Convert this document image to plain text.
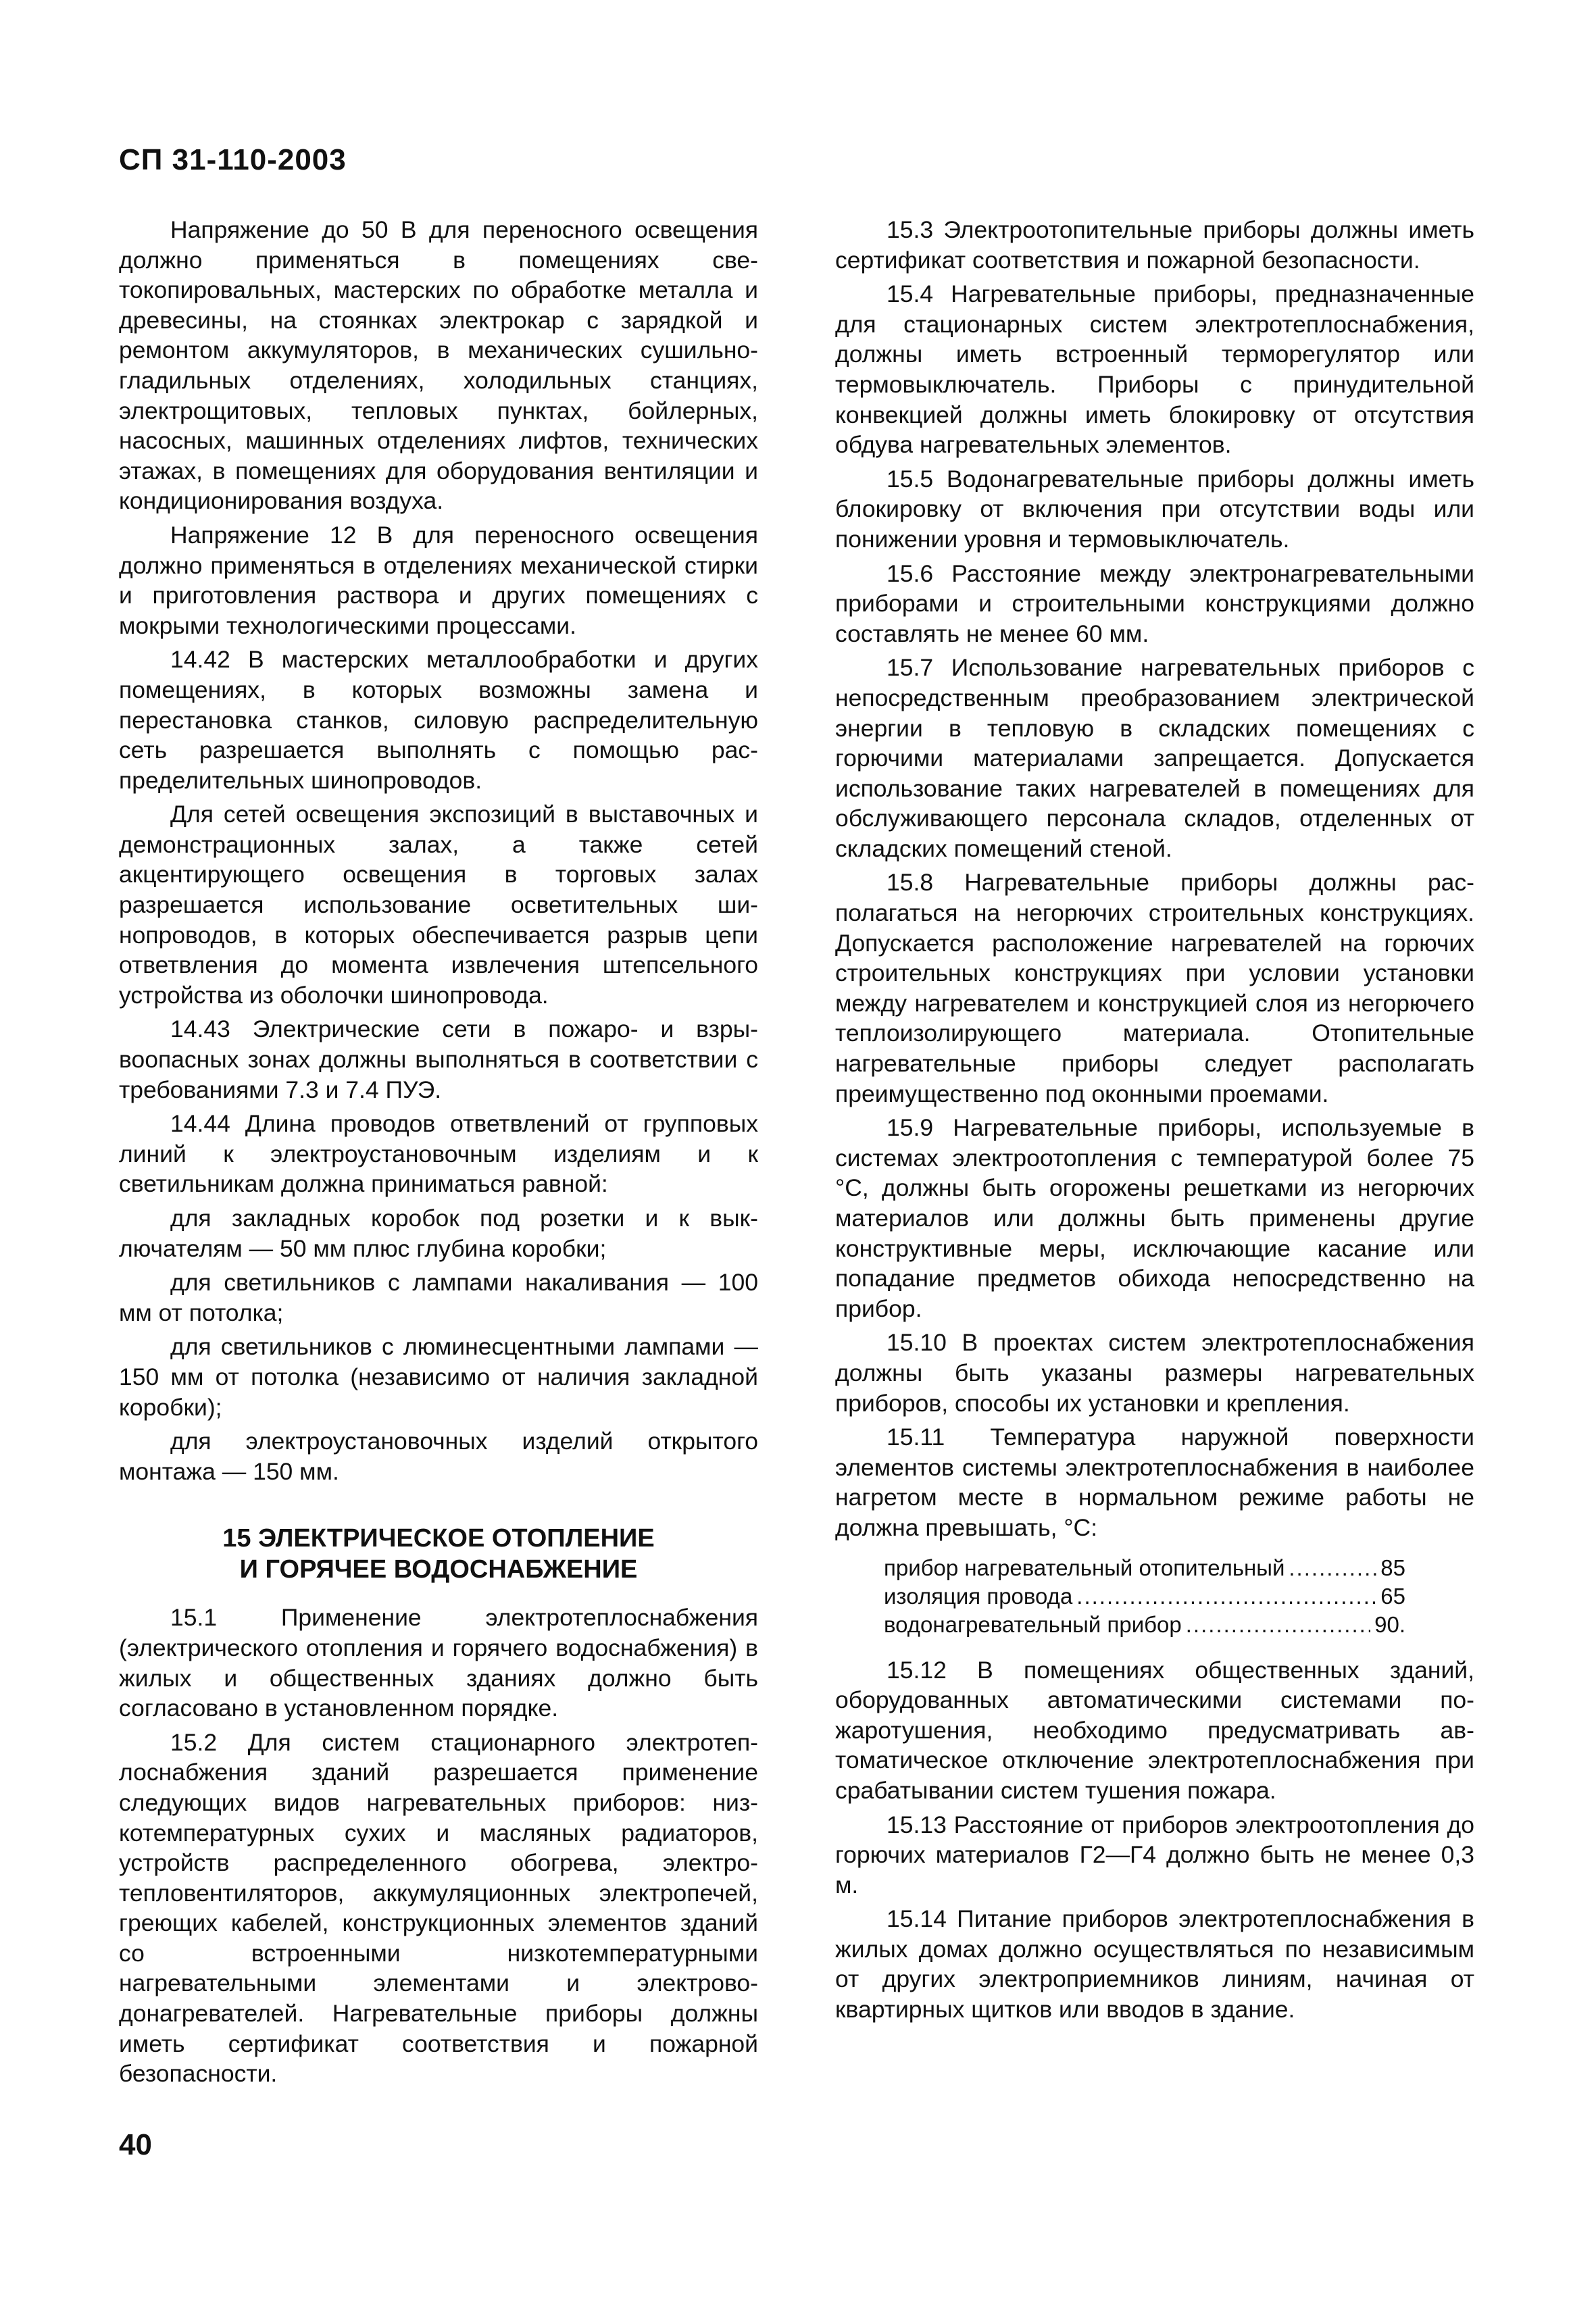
СП 31-110-2003

Напряжение до 50 В для переносного освещения должно применяться в помещениях светокопировальных, мастерских по обработке металла и древесины, на стоянках электрокар с зарядкой и ремонтом аккумуляторов, в механических сушильно-гладильных отделениях, холодильных станциях, электрощитовых, тепловых пунктах, бойлерных, насосных, машинных отделениях лифтов, технических этажах, в помещениях для оборудования вентиляции и кондиционирования воздуха.

Напряжение 12 В для переносного освещения должно применяться в отделениях механической стирки и приготовления раствора и других помещениях с мокрыми технологическими процессами.

14.42 В мастерских металлообработки и других помещениях, в которых возможны замена и перестановка станков, силовую распределительную сеть разрешается выполнять с помощью распределительных шинопроводов.

Для сетей освещения экспозиций в выставочных и демонстрационных залах, а также сетей акцентирующего освещения в торговых залах разрешается использование осветительных шинопроводов, в которых обеспечивается разрыв цепи ответвления до момента извлечения штепсельного устройства из оболочки шинопровода.

14.43 Электрические сети в пожаро- и взрывоопасных зонах должны выполняться в соответствии с требованиями 7.3 и 7.4 ПУЭ.

14.44 Длина проводов ответвлений от групповых линий к электроустановочным изделиям и к светильникам должна приниматься равной:

для закладных коробок под розетки и к выключателям — 50 мм плюс глубина коробки;

для светильников с лампами накаливания — 100 мм от потолка;

для светильников с люминесцентными лампами — 150 мм от потолка (независимо от наличия закладной коробки);

для электроустановочных изделий открытого монтажа — 150 мм.

15 ЭЛЕКТРИЧЕСКОЕ ОТОПЛЕНИЕ
И ГОРЯЧЕЕ ВОДОСНАБЖЕНИЕ

15.1 Применение электротеплоснабжения (электрического отопления и горячего водоснабжения) в жилых и общественных зданиях должно быть согласовано в установленном порядке.

15.2 Для систем стационарного электротеплоснабжения зданий разрешается применение следующих видов нагревательных приборов: низкотемпературных сухих и масляных радиаторов, устройств распределенного обогрева, электротепловентиляторов, аккумуляционных электропечей, греющих кабелей, конструкционных элементов зданий со встроенными низкотемпературными нагревательными элементами и электроводонагревателей. Нагревательные приборы должны иметь сертификат соответствия и пожарной безопасности.

15.3 Электроотопительные приборы должны иметь сертификат соответствия и пожарной безопасности.

15.4 Нагревательные приборы, предназначенные для стационарных систем электротеплоснабжения, должны иметь встроенный терморегулятор или термовыключатель. Приборы с принудительной конвекцией должны иметь блокировку от отсутствия обдува нагревательных элементов.

15.5 Водонагревательные приборы должны иметь блокировку от включения при отсутствии воды или понижении уровня и термовыключатель.

15.6 Расстояние между электронагревательными приборами и строительными конструкциями должно составлять не менее 60 мм.

15.7 Использование нагревательных приборов с непосредственным преобразованием электрической энергии в тепловую в складских помещениях с горючими материалами запрещается. Допускается использование таких нагревателей в помещениях для обслуживающего персонала складов, отделенных от складских помещений стеной.

15.8 Нагревательные приборы должны располагаться на негорючих строительных конструкциях. Допускается расположение нагревателей на горючих строительных конструкциях при условии установки между нагревателем и конструкцией слоя из негорючего теплоизолирующего материала. Отопительные нагревательные приборы следует располагать преимущественно под оконными проемами.

15.9 Нагревательные приборы, используемые в системах электроотопления с температурой более 75 °С, должны быть огорожены решетками из негорючих материалов или должны быть применены другие конструктивные меры, исключающие касание или попадание предметов обихода непосредственно на прибор.

15.10 В проектах систем электротеплоснабжения должны быть указаны размеры нагревательных приборов, способы их установки и крепления.

15.11 Температура наружной поверхности элементов системы электротеплоснабжения в наиболее нагретом месте в нормальном режиме работы не должна превышать, °С:

прибор нагревательный отопительный .....	85
изоляция провода .....	65
водонагревательный прибор .....	90.

15.12 В помещениях общественных зданий, оборудованных автоматическими системами пожаротушения, необходимо предусматривать автоматическое отключение электротеплоснабжения при срабатывании систем тушения пожара.

15.13 Расстояние от приборов электроотопления до горючих материалов Г2—Г4 должно быть не менее 0,3 м.

15.14 Питание приборов электротеплоснабжения в жилых домах должно осуществляться по независимым от других электроприемников линиям, начиная от квартирных щитков или вводов в здание.

40
